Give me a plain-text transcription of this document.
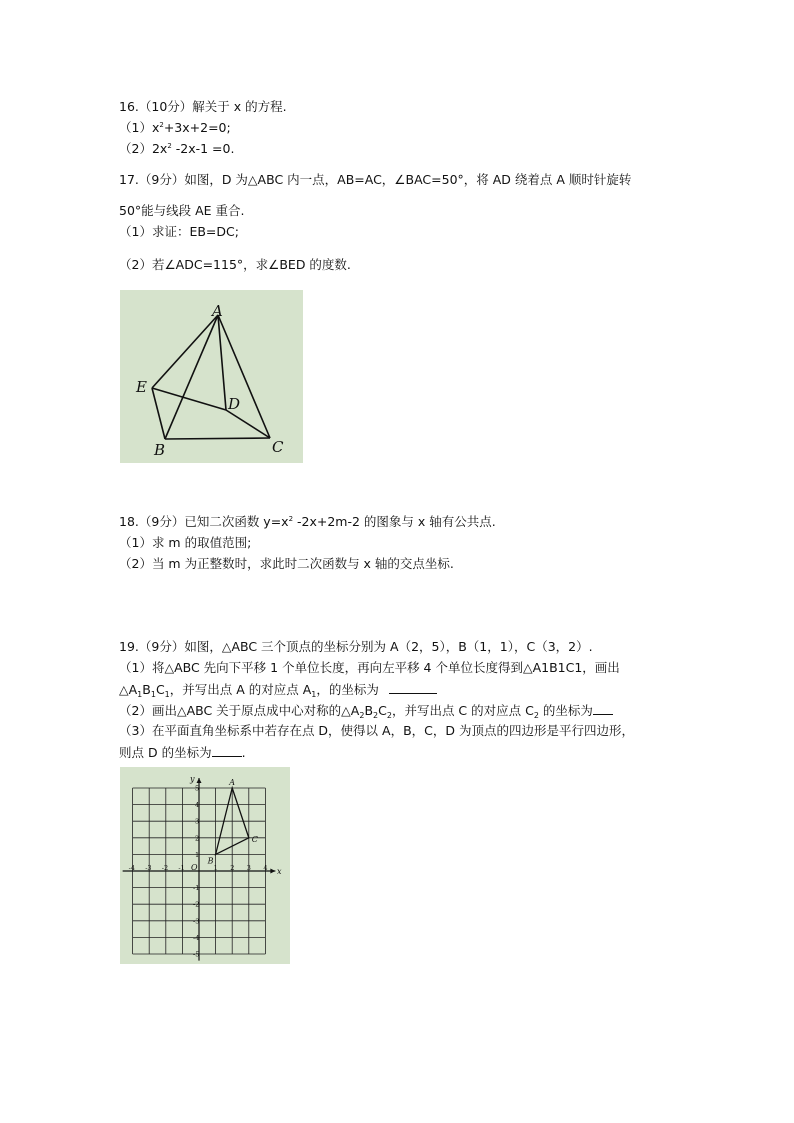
16.（10分）解关于 x 的方程.
$(1)x^2+3x+2=0$;
$(2)2x^2$ -2x-1 =0.
17.（9分）如图，D 为△ABC 内一点，AB=AC，∠BAC=50°，将 AD 绕着点 A 顺时针旋转
50°能与线段 AE 重合.
（1）求证：EB=DC;
（2）若∠ADC=115°，求∠BED 的度数.
A
B	C
D
E
18.（9分）已知二次函数 $y=x^2$ -2x+2m-2 的图象与 x 轴有公共点.
（1）求 m 的取值范围;
（2）当 m 为正整数时，求此时二次函数与 x 轴的交点坐标.
19.（9分）如图，△ABC 三个顶点的坐标分别为 A（2，5），B（1，1），C（3，2）.
（1）将△ABC 先向下平移 1 个单位长度，再向左平移 4 个单位长度得到△A1B1C1，画出
$\triangle A_1B_1C_1$，并写出点 A 的对应点 $A_1$，的坐标为
（2）画出△ABC 关于原点成中心对称的$\triangle A_2B_2C_2$，并写出点 C 的对应点 $C_2$ 的坐标为
（3）在平面直角坐标系中若存在点 D，使得以 A，B，C，D 为顶点的四边形是平行四边形，
则点 D 的坐标为 .
x
y
O
-4 -3 -2 -1	1 2 3 4
5
4
3
2
1
-1
-2
-3
-4
-5
A
B
C
